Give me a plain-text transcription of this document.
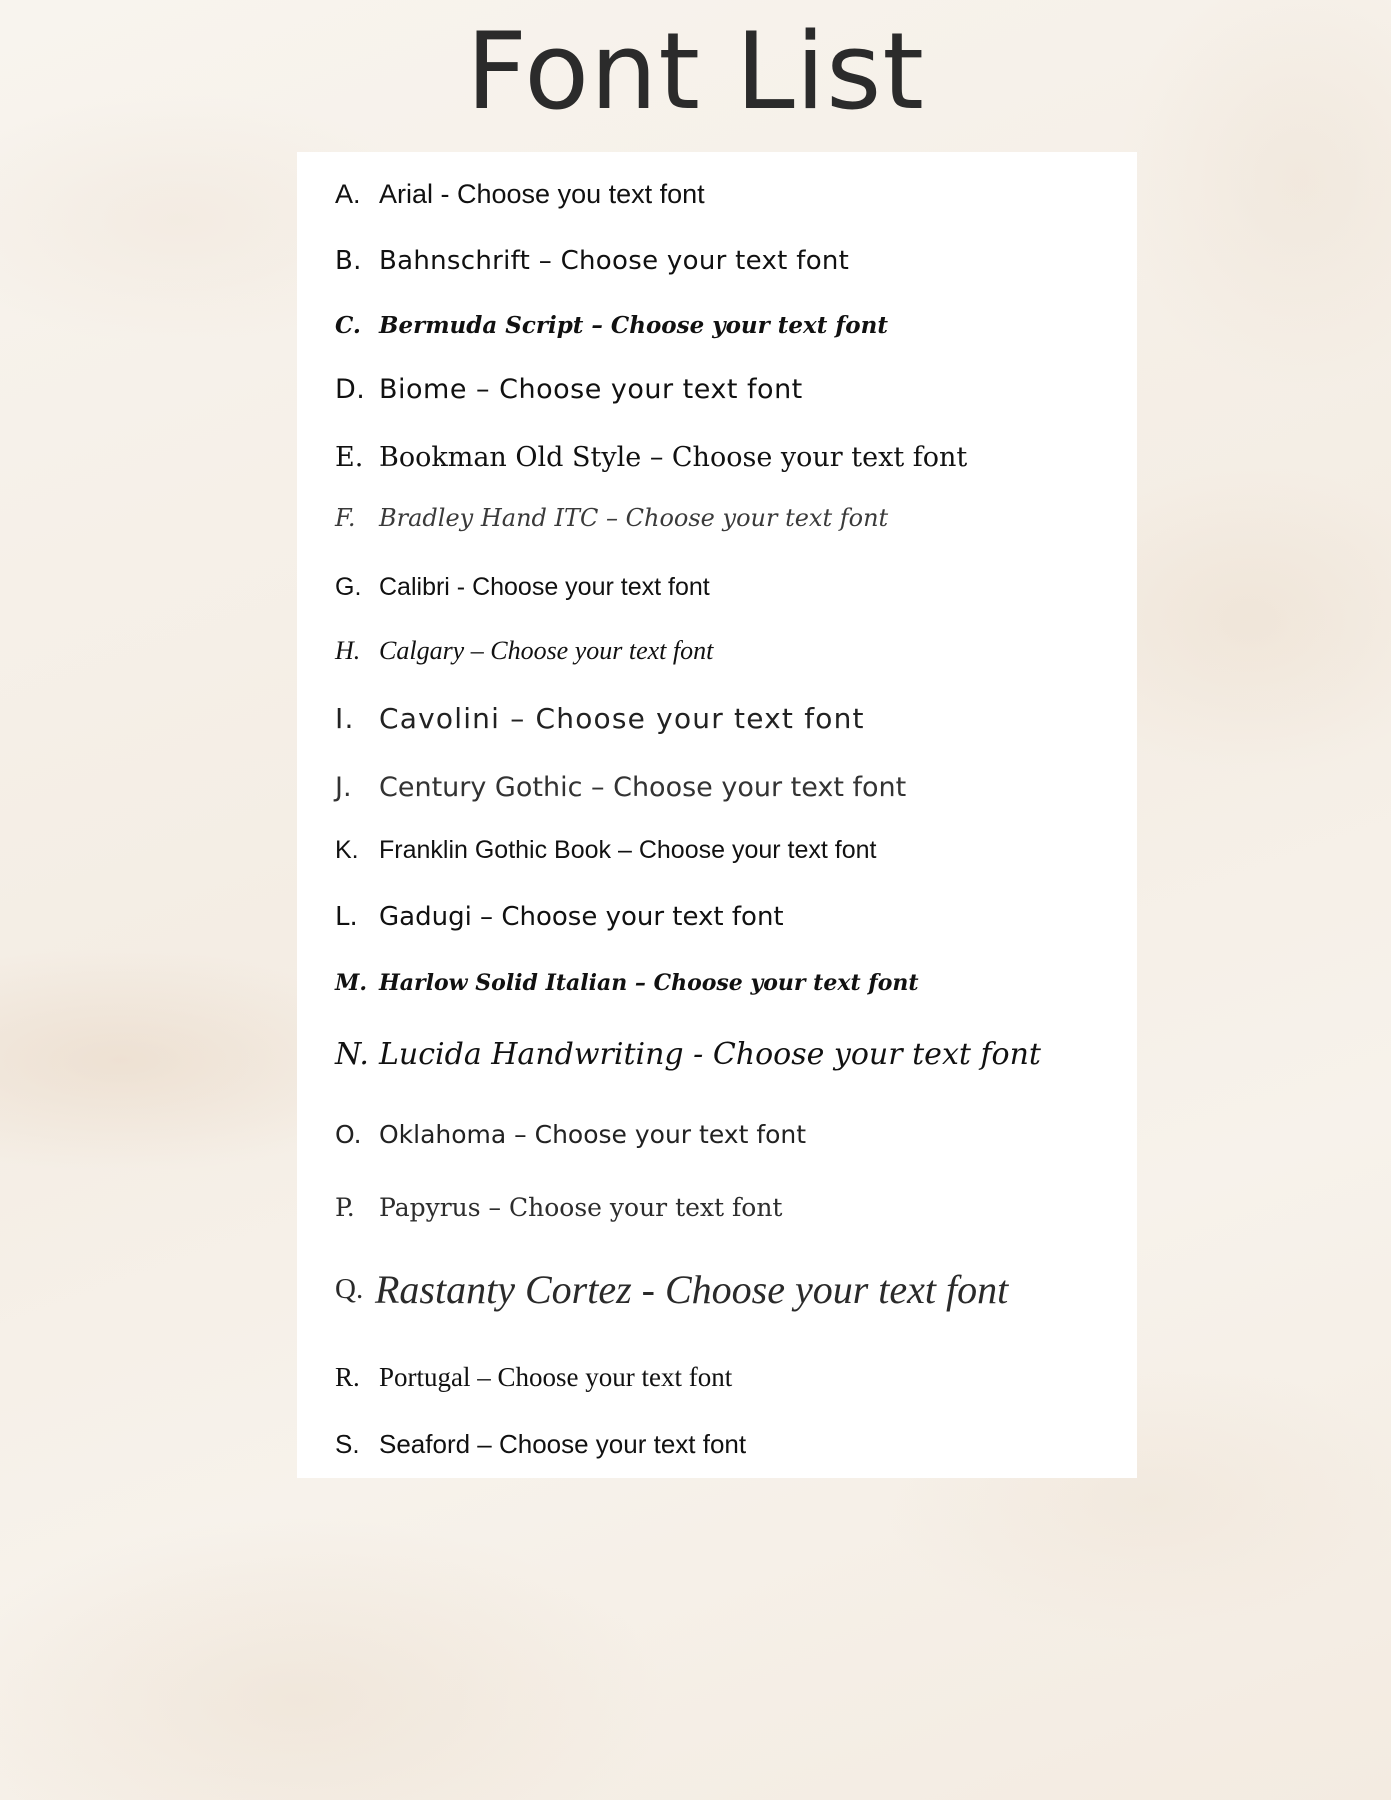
Font List
A. Arial - Choose you text font
B. Bahnschrift – Choose your text font
C. Bermuda Script – Choose your text font
D. Biome – Choose your text font
E. Bookman Old Style – Choose your text font
F. Bradley Hand ITC – Choose your text font
G. Calibri - Choose your text font
H. Calgary – Choose your text font
I. Cavolini – Choose your text font
J.	Century Gothic – Choose your text font
K. Franklin Gothic Book – Choose your text font
L. Gadugi – Choose your text font
M. Harlow Solid Italian – Choose your text font
N. Lucida Handwriting - Choose your text font
O. Oklahoma – Choose your text font
P. Papyrus – Choose your text font
Q. Rastanty Cortez - Choose your text font
R. Portugal – Choose your text font
S. Seaford – Choose your text font
